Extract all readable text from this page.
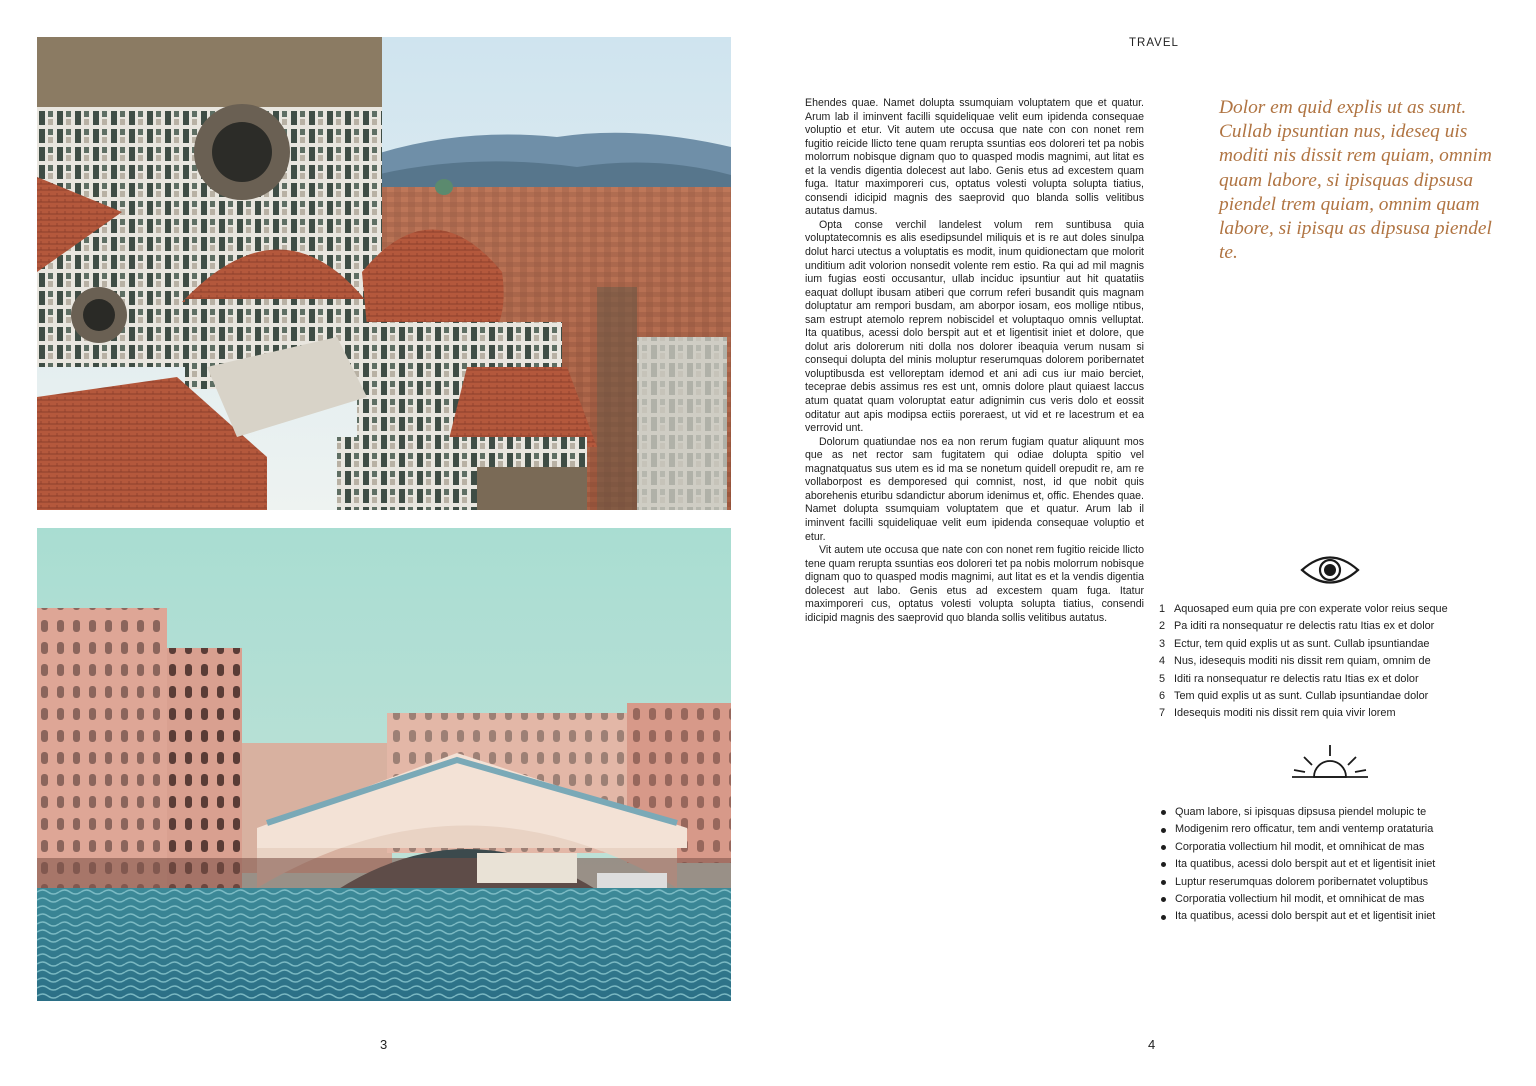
3
TRAVEL

Ehendes quae. Namet dolupta ssumquiam voluptatem que et quatur. Arum lab il iminvent facilli squideliquae velit eum ipidenda consequae voluptio et etur. Vit autem ute occusa que nate con con nonet rem fugitio reicide llicto tene quam rerupta ssuntias eos doloreri tet pa nobis molorrum nobisque dignam quo to quasped modis magnimi, aut litat es et la vendis digentia dolecest aut labo. Genis etus ad excestem quam fuga. Itatur maximporeri cus, optatus volesti volupta solupta tiatius, consendi idicipid magnis des saeprovid quo blanda sollis velitibus autatus damus.

Opta conse verchil landelest volum rem suntibusa quia voluptatecomnis es alis esedipsundel miliquis et is re aut doles sinulpa dolut harci utectus a voluptatis es modit, inum quidionectam que molorit unditium adit volorion nonsedit volente rem estio. Ra qui ad mil magnis ium fugias eosti occusantur, ullab inciduc ipsuntiur aut hit quatatiis eaquat dollupt ibusam atiberi que corrum referi busandit quis magnam doluptatur am rempori busdam, am aborpor iosam, eos mollige ntibus, sam estrupt atemolo reprem nobiscidel et voluptaquo omnis velluptat. Ita quatibus, acessi dolo berspit aut et et ligentisit iniet et dolore, que dolut aris dolorerum niti dolla nos dolorer ibeaquia verum nusam si consequi dolupta del minis moluptur reserumquas dolorem poribernatet voluptibusda est velloreptam idemod et ani adi cus iur maio berciet, teceprae debis assimus res est unt, omnis dolore plaut quiaest laccus atum quatat quam voloruptat eatur adignimin cus veris dolo et eossit oditatur aut apis modipsa ectiis poreraest, ut vid et re lacestrum et ea verrovid unt.

Dolorum quatiundae nos ea non rerum fugiam quatur aliquunt mos que as net rector sam fugitatem qui odiae dolupta spitio vel magnatquatus sus utem es id ma se nonetum quidell orepudit re, am re vollaborpost es demporesed qui comnist, nost, id que nobit quis aborehenis eturibu sdandictur aborum idenimus et, offic. Ehendes quae. Namet dolupta ssumquiam voluptatem que et quatur. Arum lab il iminvent facilli squideliquae velit eum ipidenda consequae voluptio et etur.

Vit autem ute occusa que nate con con nonet rem fugitio reicide llicto tene quam rerupta ssuntias eos doloreri tet pa nobis molorrum nobisque dignam quo to quasped modis magnimi, aut litat es et la vendis digentia dolecest aut labo. Genis etus ad excestem quam fuga. Itatur maximporeri cus, optatus volesti volupta solupta tiatius, consendi idicipid magnis des saeprovid quo blanda sollis velitibus autatus.

Dolor em quid explis ut as sunt. Cullab ipsuntian nus, ideseq uis moditi nis dissit rem quiam, omnim quam labore, si ipisquas dipsusa piendel trem quiam, omnim quam labore, si ipisqu as dipsusa piendel te.
1 Aquosaped eum quia pre con experate volor reius seque
2 Pa iditi ra nonsequatur re delectis ratu Itias ex et dolor
3 Ectur, tem quid explis ut as sunt. Cullab ipsuntiandae
4 Nus, idesequis moditi nis dissit rem quiam, omnim de
5 Iditi ra nonsequatur re delectis ratu Itias ex et dolor
6 Tem quid explis ut as sunt. Cullab ipsuntiandae dolor
7 Idesequis moditi nis dissit rem quia vivir lorem
Quam labore, si ipisquas dipsusa piendel molupic te
Modigenim rero officatur, tem andi ventemp orataturia
Corporatia vollectium hil modit, et omnihicat de mas
Ita quatibus, acessi dolo berspit aut et et ligentisit iniet
Luptur reserumquas dolorem poribernatet voluptibus
Corporatia vollectium hil modit, et omnihicat de mas
Ita quatibus, acessi dolo berspit aut et et ligentisit iniet
4
